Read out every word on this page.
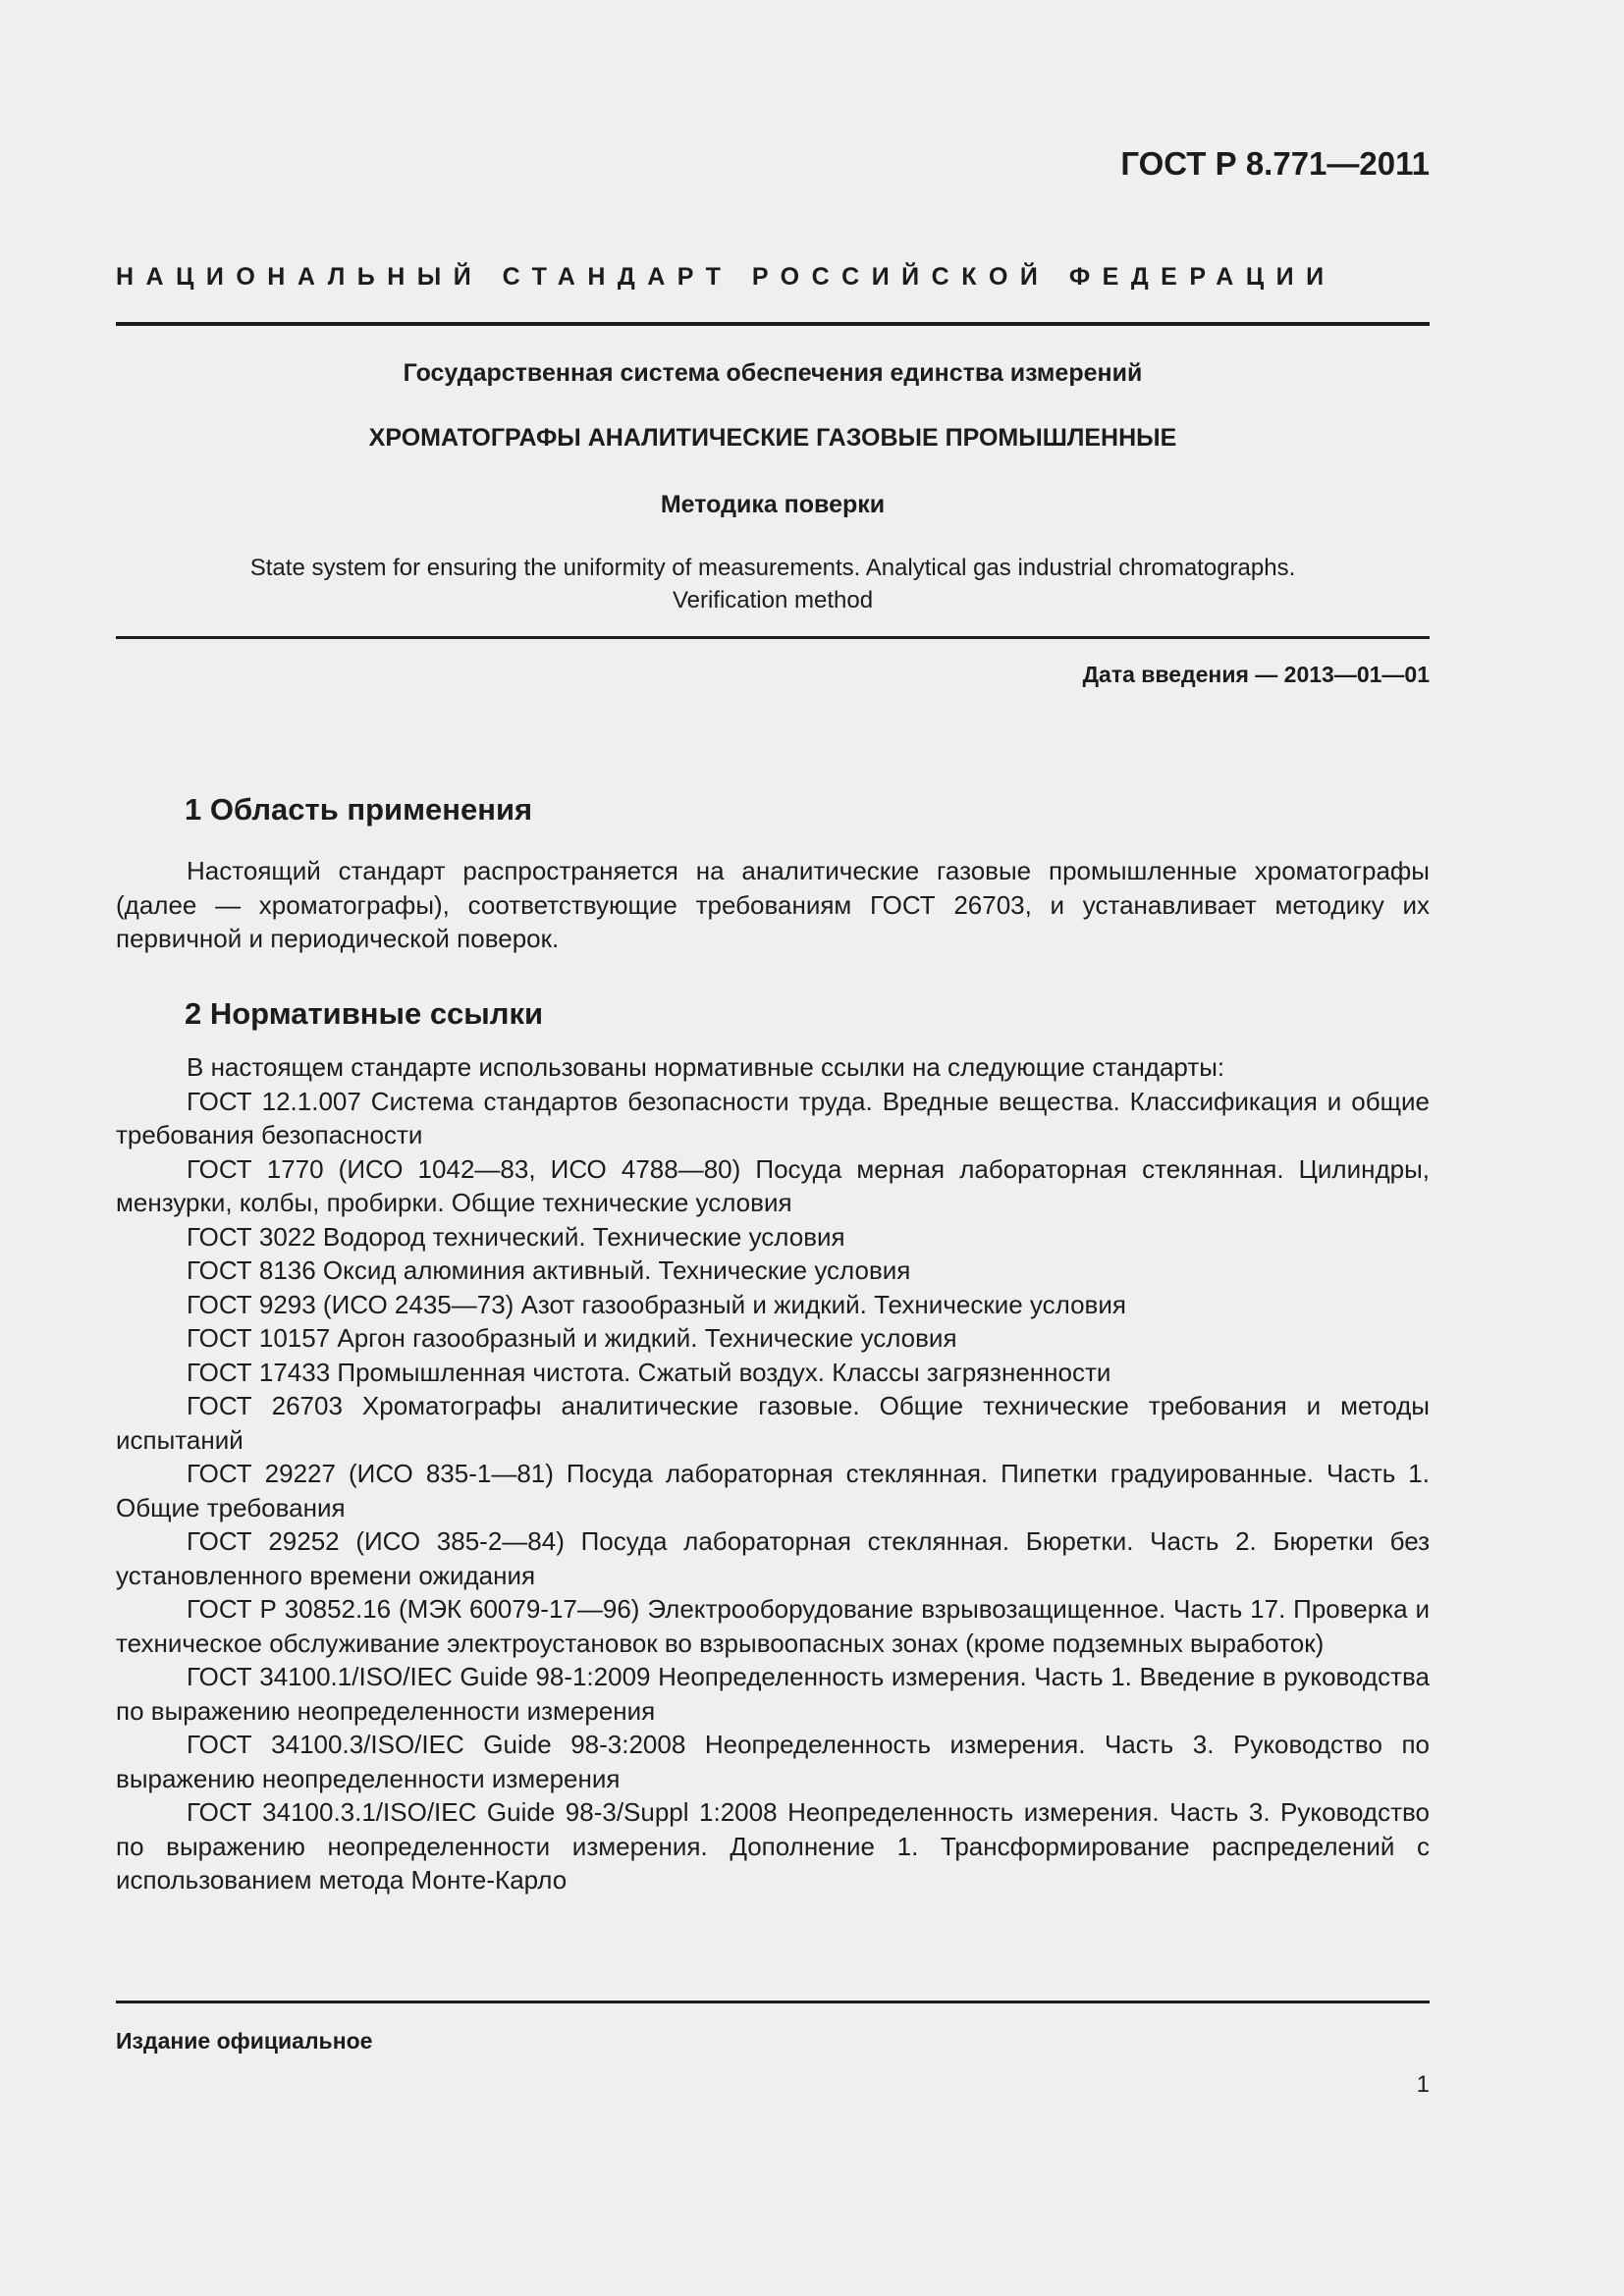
ГОСТ Р 8.771—2011
НАЦИОНАЛЬНЫЙ СТАНДАРТ РОССИЙСКОЙ ФЕДЕРАЦИИ
Государственная система обеспечения единства измерений
ХРОМАТОГРАФЫ АНАЛИТИЧЕСКИЕ ГАЗОВЫЕ ПРОМЫШЛЕННЫЕ
Методика поверки
State system for ensuring the uniformity of measurements. Analytical gas industrial chromatographs.
Verification method
Дата введения — 2013—01—01
1 Область применения

Настоящий стандарт распространяется на аналитические газовые промышленные хроматографы (далее — хроматографы), соответствующие требованиям ГОСТ 26703, и устанавливает методику их первичной и периодической поверок.

2 Нормативные ссылки

В настоящем стандарте использованы нормативные ссылки на следующие стандарты:

ГОСТ 12.1.007 Система стандартов безопасности труда. Вредные вещества. Классификация и общие требования безопасности

ГОСТ 1770 (ИСО 1042—83, ИСО 4788—80) Посуда мерная лабораторная стеклянная. Цилиндры, мензурки, колбы, пробирки. Общие технические условия

ГОСТ 3022 Водород технический. Технические условия

ГОСТ 8136 Оксид алюминия активный. Технические условия

ГОСТ 9293 (ИСО 2435—73) Азот газообразный и жидкий. Технические условия

ГОСТ 10157 Аргон газообразный и жидкий. Технические условия

ГОСТ 17433 Промышленная чистота. Сжатый воздух. Классы загрязненности

ГОСТ 26703 Хроматографы аналитические газовые. Общие технические требования и методы испытаний

ГОСТ 29227 (ИСО 835-1—81) Посуда лабораторная стеклянная. Пипетки градуированные. Часть 1. Общие требования

ГОСТ 29252 (ИСО 385-2—84) Посуда лабораторная стеклянная. Бюретки. Часть 2. Бюретки без установленного времени ожидания

ГОСТ Р 30852.16 (МЭК 60079-17—96) Электрооборудование взрывозащищенное. Часть 17. Проверка и техническое обслуживание электроустановок во взрывоопасных зонах (кроме подземных выработок)

ГОСТ 34100.1/ISO/IEC Guide 98-1:2009 Неопределенность измерения. Часть 1. Введение в руководства по выражению неопределенности измерения

ГОСТ 34100.3/ISO/IEC Guide 98-3:2008 Неопределенность измерения. Часть 3. Руководство по выражению неопределенности измерения

ГОСТ 34100.3.1/ISO/IEC Guide 98-3/Suppl 1:2008 Неопределенность измерения. Часть 3. Руководство по выражению неопределенности измерения. Дополнение 1. Трансформирование распределений с использованием метода Монте-Карло

Издание официальное
1
